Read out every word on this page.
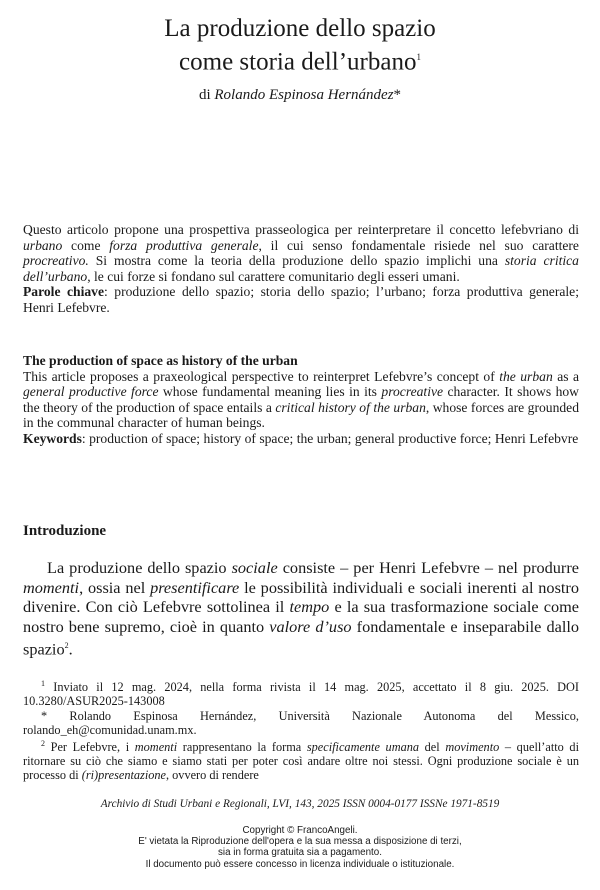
La produzione dello spazio
come storia dell’urbano$^1$
di Rolando Espinosa Hernández*

Questo articolo propone una prospettiva prasseologica per reinterpretare il concetto lefebvriano di urbano come forza produttiva generale, il cui senso fondamentale risiede nel suo carattere procreativo. Si mostra come la teoria della produzione dello spazio implichi una storia critica dell’urbano, le cui forze si fondano sul carattere comunitario degli esseri umani.

Parole chiave: produzione dello spazio; storia dello spazio; l’urbano; forza produttiva generale; Henri Lefebvre.

The production of space as history of the urban

This article proposes a praxeological perspective to reinterpret Lefebvre’s concept of the urban as a general productive force whose fundamental meaning lies in its procreative character. It shows how the theory of the production of space entails a critical history of the urban, whose forces are grounded in the communal character of human beings.

Keywords: production of space; history of space; the urban; general productive force; Henri Lefebvre

Introduzione

La produzione dello spazio sociale consiste – per Henri Lefebvre – nel produrre momenti, ossia nel presentificare le possibilità individuali e sociali inerenti al nostro divenire. Con ciò Lefebvre sottolinea il tempo e la sua trasformazione sociale come nostro bene supremo, cioè in quanto valore d’uso fondamentale e inseparabile dallo spazio$^2$.

$^1$ Inviato il 12 mag. 2024, nella forma rivista il 14 mag. 2025, accettato il 8 giu. 2025. DOI 10.3280/ASUR2025-143008

* Rolando Espinosa Hernández, Università Nazionale Autonoma del Messico, rolando_eh@comunidad.unam.mx.

$^2$ Per Lefebvre, i momenti rappresentano la forma specificamente umana del movimento – quell’atto di ritornare su ciò che siamo e siamo stati per poter così andare oltre noi stessi. Ogni produzione sociale è un processo di (ri)presentazione, ovvero di rendere

Archivio di Studi Urbani e Regionali, LVI, 143, 2025 ISSN 0004-0177 ISSNe 1971-8519
Copyright © FrancoAngeli.
E' vietata la Riproduzione dell'opera e la sua messa a disposizione di terzi,
sia in forma gratuita sia a pagamento.
Il documento può essere concesso in licenza individuale o istituzionale.
